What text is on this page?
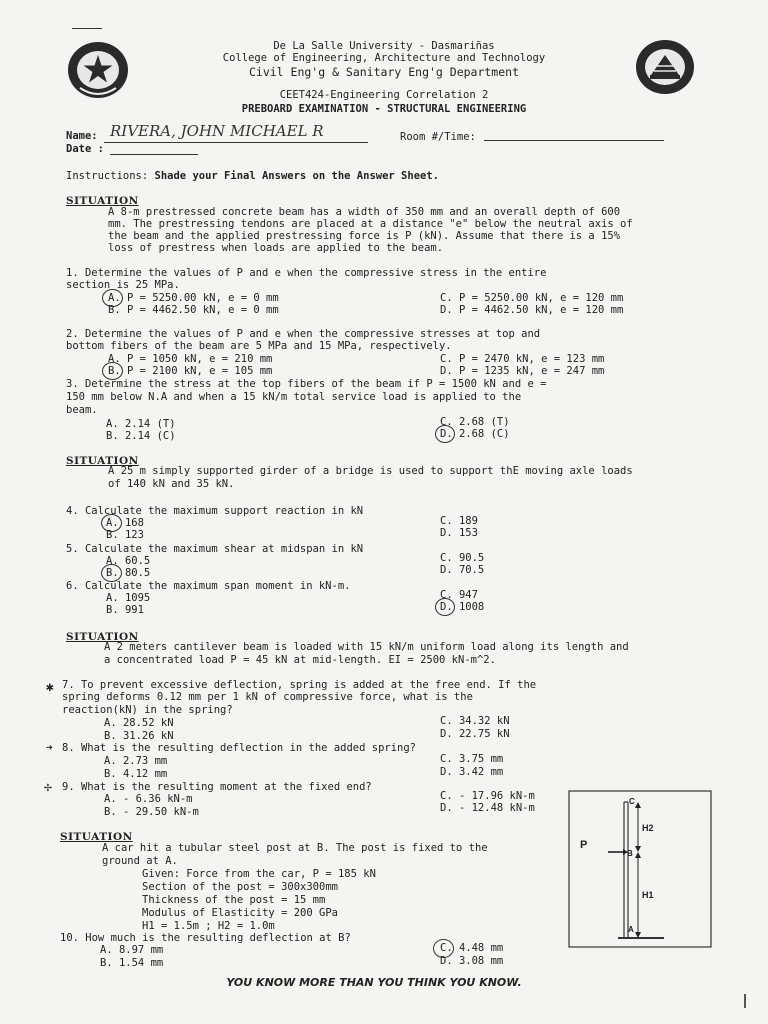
De La Salle University - Dasmariñas
College of Engineering, Architecture and Technology
Civil Eng'g & Sanitary Eng'g Department
CEET424-Engineering Correlation 2
PREBOARD EXAMINATION - STRUCTURAL ENGINEERING
Name: RIVERA, JOHN MICHAEL R
Date :
Room #/Time:
Instructions: Shade your Final Answers on the Answer Sheet.
SITUATION
A 8-m prestressed concrete beam has a width of 350 mm and an overall depth of 600
mm. The prestressing tendons are placed at a distance "e" below the neutral axis of
the beam and the applied prestressing force is P (kN). Assume that there is a 15%
loss of prestress when loads are applied to the beam.
1. Determine the values of P and e when the compressive stress in the entire
section is 25 MPa.
A. P = 5250.00 kN, e = 0 mm
B. P = 4462.50 kN, e = 0 mm
C. P = 5250.00 kN, e = 120 mm
D. P = 4462.50 kN, e = 120 mm
2. Determine the values of P and e when the compressive stresses at top and
bottom fibers of the beam are 5 MPa and 15 MPa, respectively.
A. P = 1050 kN, e = 210 mm
B. P = 2100 kN, e = 105 mm
C. P = 2470 kN, e = 123 mm
D. P = 1235 kN, e = 247 mm
3. Determine the stress at the top fibers of the beam if P = 1500 kN and e =
150 mm below N.A and when a 15 kN/m total service load is applied to the
beam.
A. 2.14 (T)
B. 2.14 (C)
C. 2.68 (T)
D. 2.68 (C)
SITUATION
A 25 m simply supported girder of a bridge is used to support thE moving axle loads
of 140 kN and 35 kN.
4. Calculate the maximum support reaction in kN
A. 168
B. 123
C. 189
D. 153
5. Calculate the maximum shear at midspan in kN
A. 60.5
B. 80.5
C. 90.5
D. 70.5
6. Calculate the maximum span moment in kN-m.
A. 1095
B. 991
C. 947
D. 1008
SITUATION
A 2 meters cantilever beam is loaded with 15 kN/m uniform load along its length and
a concentrated load P = 45 kN at mid-length. EI = 2500 kN-m^2.
✱ 7. To prevent excessive deflection, spring is added at the free end. If the
spring deforms 0.12 mm per 1 kN of compressive force, what is the
reaction(kN) in the spring?
A. 28.52 kN
B. 31.26 kN
C. 34.32 kN
D. 22.75 kN
➜ 8. What is the resulting deflection in the added spring?
A. 2.73 mm
B. 4.12 mm
C. 3.75 mm
D. 3.42 mm
✢ 9. What is the resulting moment at the fixed end?
A. - 6.36 kN-m
B. - 29.50 kN-m
C. - 17.96 kN-m
D. - 12.48 kN-m
SITUATION
A car hit a tubular steel post at B. The post is fixed to the
ground at A.
Given: Force from the car, P = 185 kN
Section of the post = 300x300mm
Thickness of the post = 15 mm
Modulus of Elasticity = 200 GPa
H1 = 1.5m ; H2 = 1.0m
10. How much is the resulting deflection at B?
A. 8.97 mm
B. 1.54 mm
C. 4.48 mm
D. 3.08 mm
P
C
B
A
H2
H1
YOU KNOW MORE THAN YOU THINK YOU KNOW.
